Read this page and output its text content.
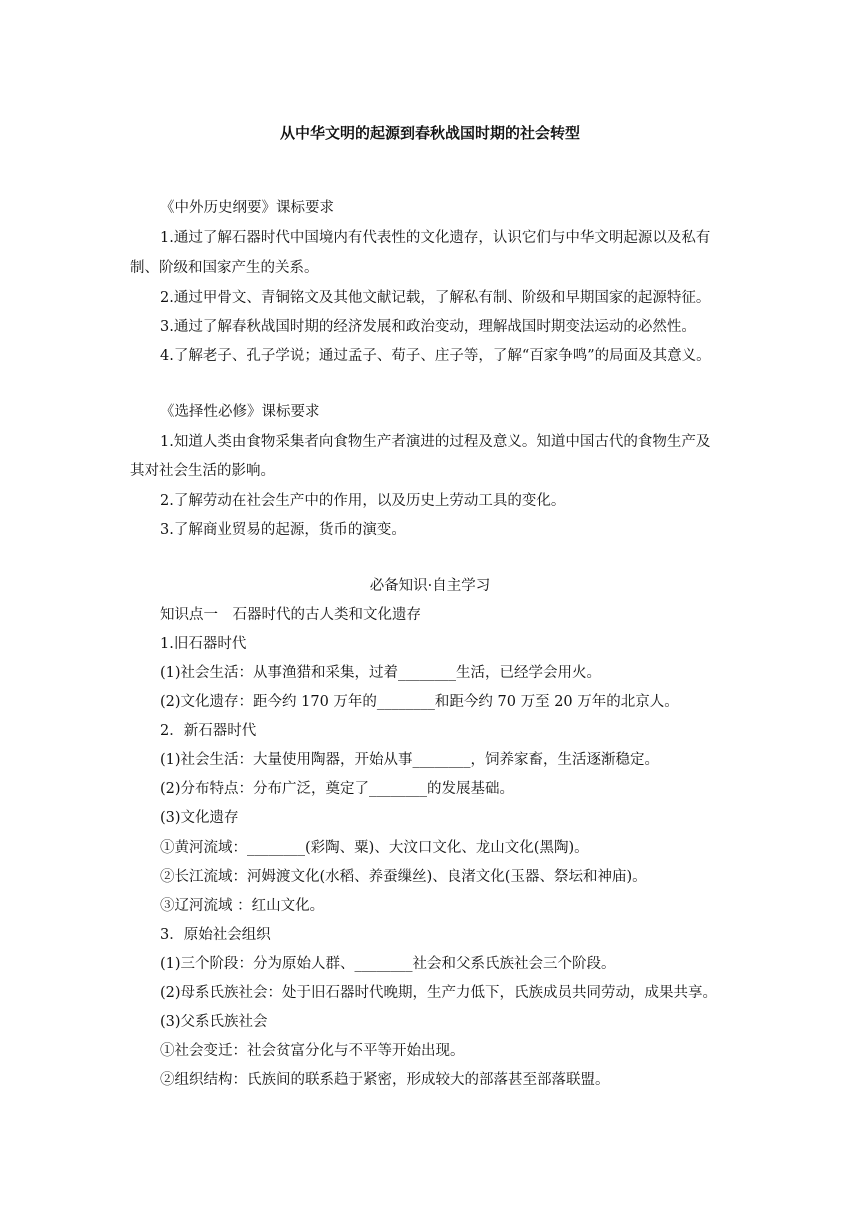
从中华文明的起源到春秋战国时期的社会转型
《中外历史纲要》课标要求
1.通过了解石器时代中国境内有代表性的文化遗存，认识它们与中华文明起源以及私有
制、阶级和国家产生的关系。
2.通过甲骨文、青铜铭文及其他文献记载，了解私有制、阶级和早期国家的起源特征。
3.通过了解春秋战国时期的经济发展和政治变动，理解战国时期变法运动的必然性。
4.了解老子、孔子学说；通过孟子、荀子、庄子等，了解“百家争鸣”的局面及其意义。
《选择性必修》课标要求
1.知道人类由食物采集者向食物生产者演进的过程及意义。知道中国古代的食物生产及
其对社会生活的影响。
2.了解劳动在社会生产中的作用，以及历史上劳动工具的变化。
3.了解商业贸易的起源，货币的演变。
必备知识·自主学习
知识点一　石器时代的古人类和文化遗存
1.旧石器时代
(1)社会生活：从事渔猎和采集，过着________生活，已经学会用火。
(2)文化遗存：距今约 170 万年的________和距今约 70 万至 20 万年的北京人。
2．新石器时代
(1)社会生活：大量使用陶器，开始从事________，饲养家畜，生活逐渐稳定。
(2)分布特点：分布广泛，奠定了________的发展基础。
(3)文化遗存
①黄河流域：________(彩陶、粟)、大汶口文化、龙山文化(黑陶)。
②长江流域：河姆渡文化(水稻、养蚕缫丝)、良渚文化(玉器、祭坛和神庙)。
③辽河流域 ：红山文化。
3．原始社会组织
(1)三个阶段：分为原始人群、________社会和父系氏族社会三个阶段。
(2)母系氏族社会：处于旧石器时代晚期，生产力低下，氏族成员共同劳动，成果共享。
(3)父系氏族社会
①社会变迁：社会贫富分化与不平等开始出现。
②组织结构：氏族间的联系趋于紧密，形成较大的部落甚至部落联盟。
